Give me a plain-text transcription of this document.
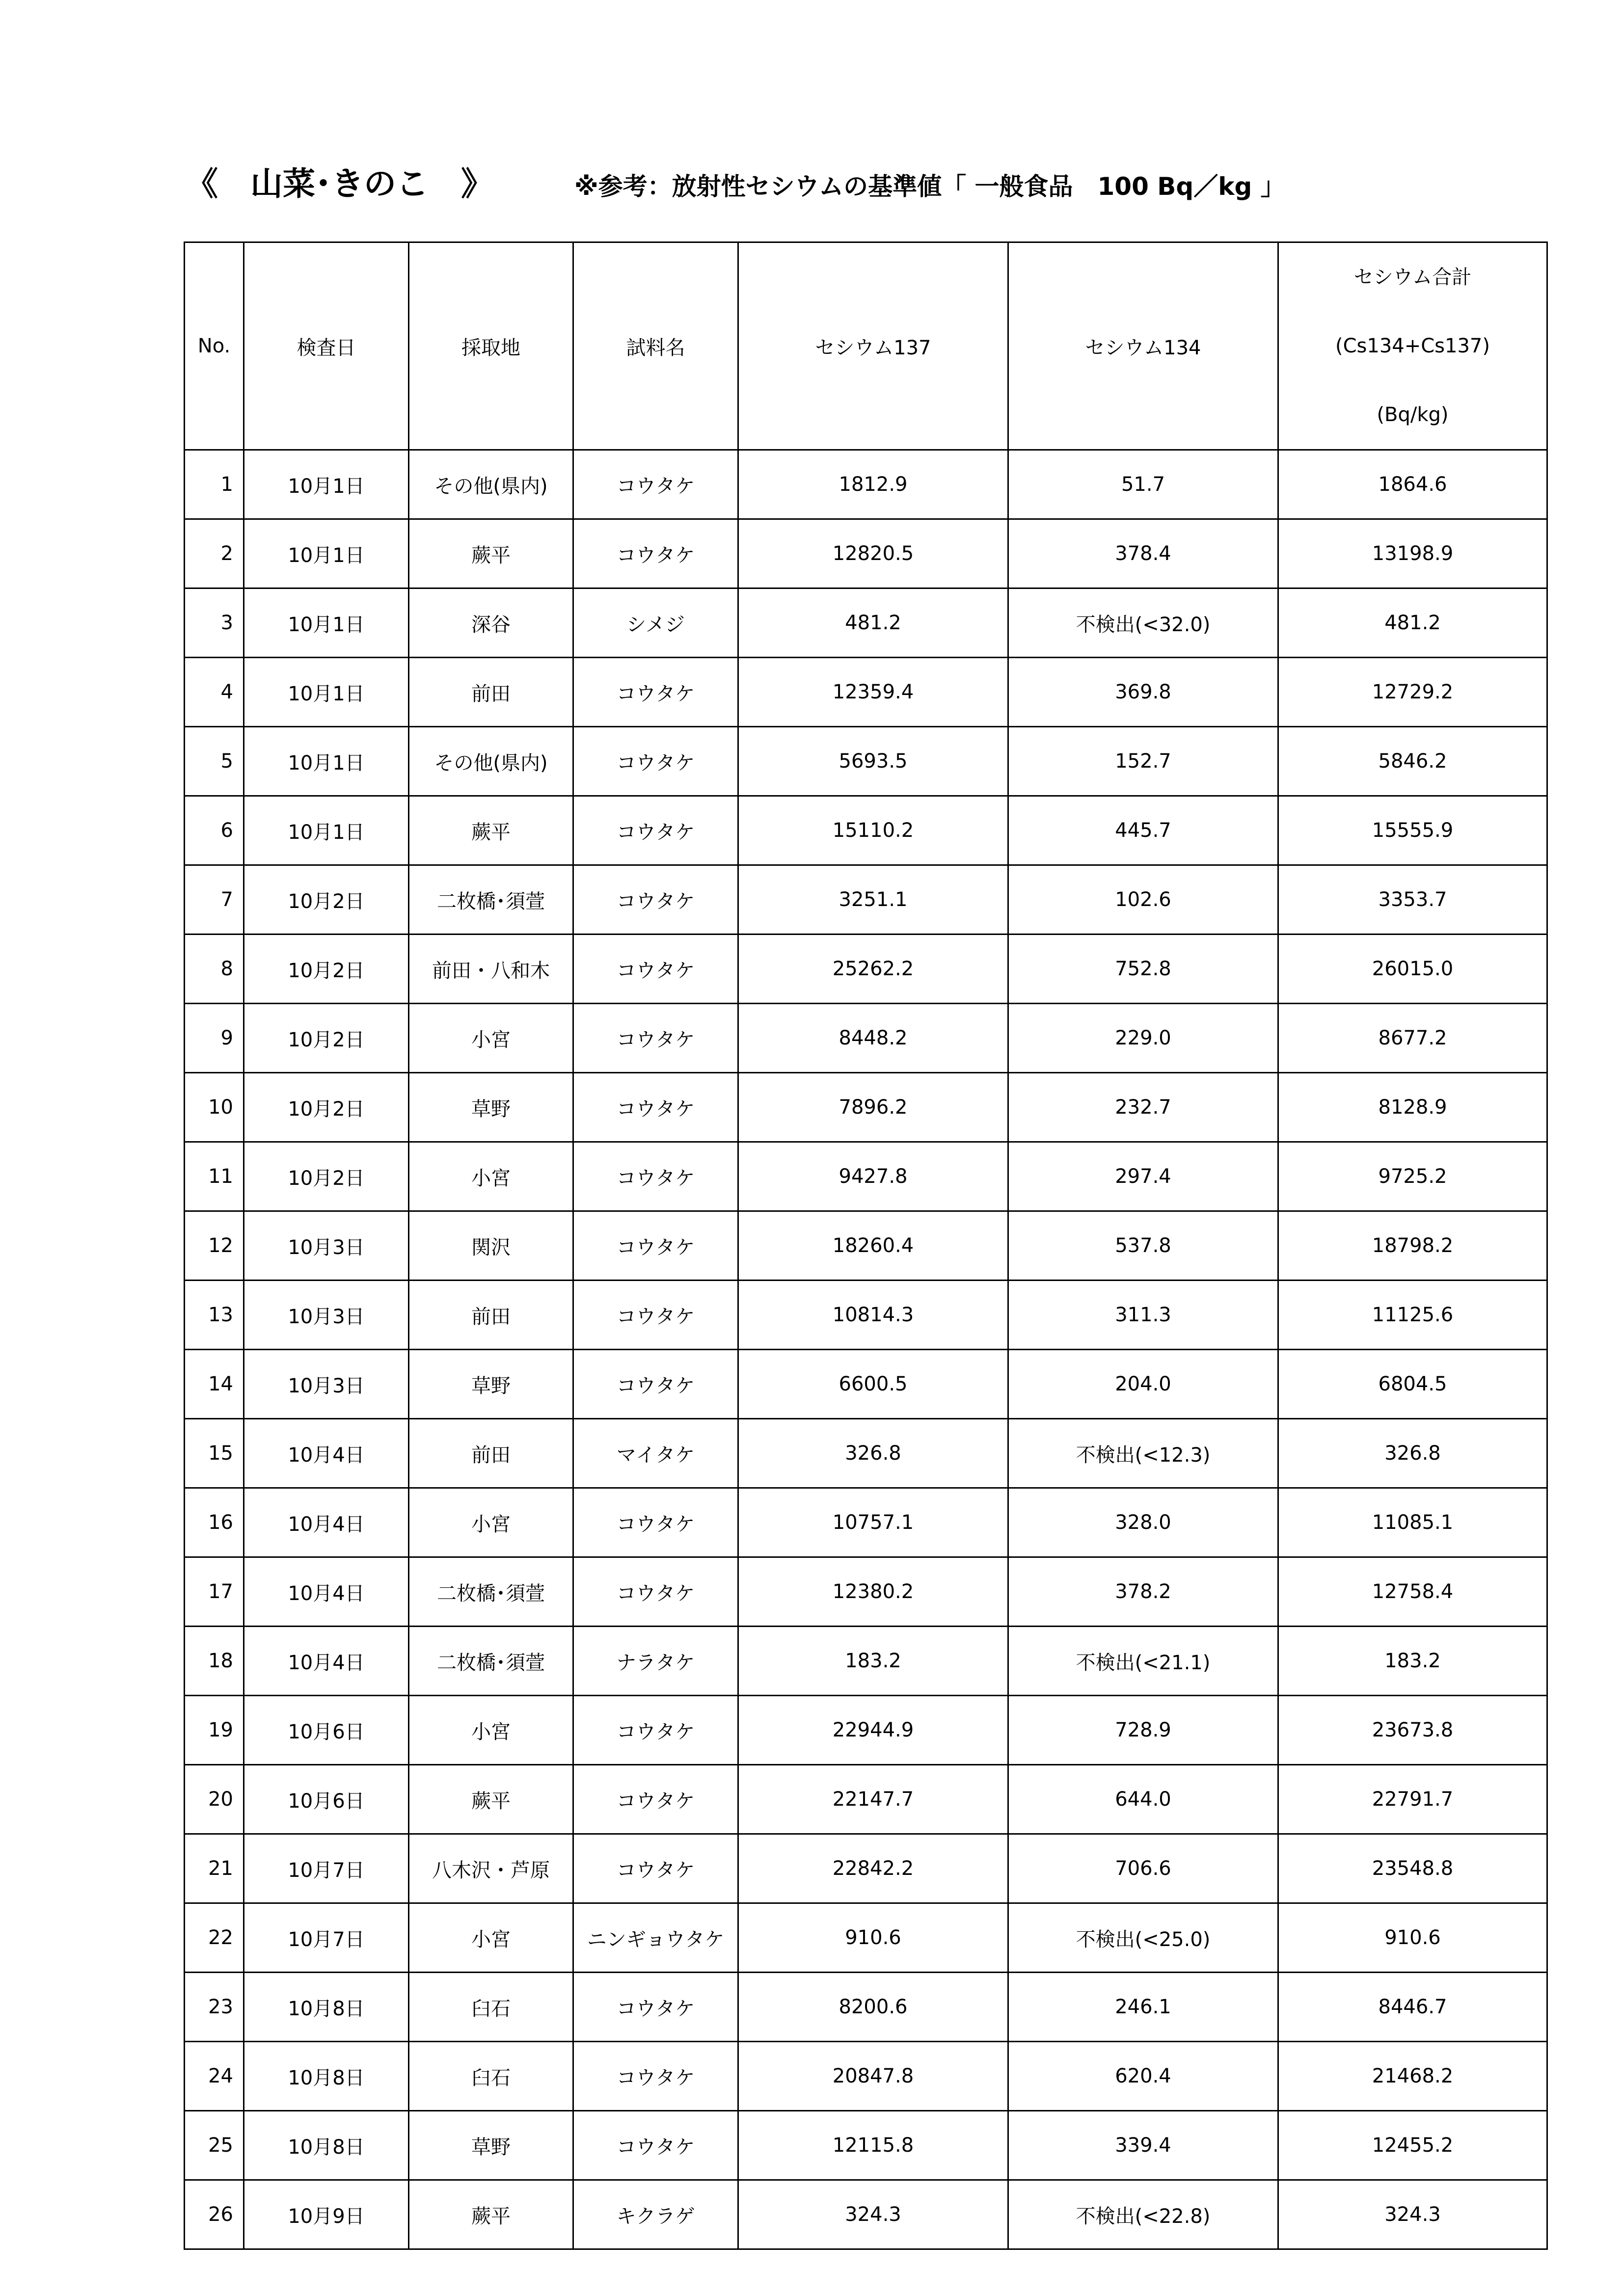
《　山菜･きのこ　》	※参考：放射性セシウムの基準値「 一般食品　100 Bq／kg 」
No.	検査日	採取地	試料名	セシウム137	セシウム134	セシウム合計
(Cs134+Cs137)
(Bq/kg)

1	10月1日	その他(県内)	コウタケ	1812.9	51.7	1864.6
2	10月1日	蕨平	コウタケ	12820.5	378.4	13198.9
3	10月1日	深谷	シメジ	481.2	不検出(<32.0)	481.2
4	10月1日	前田	コウタケ	12359.4	369.8	12729.2
5	10月1日	その他(県内)	コウタケ	5693.5	152.7	5846.2
6	10月1日	蕨平	コウタケ	15110.2	445.7	15555.9
7	10月2日	二枚橋･須萱	コウタケ	3251.1	102.6	3353.7
8	10月2日	前田・八和木	コウタケ	25262.2	752.8	26015.0
9	10月2日	小宮	コウタケ	8448.2	229.0	8677.2
10	10月2日	草野	コウタケ	7896.2	232.7	8128.9
11	10月2日	小宮	コウタケ	9427.8	297.4	9725.2
12	10月3日	関沢	コウタケ	18260.4	537.8	18798.2
13	10月3日	前田	コウタケ	10814.3	311.3	11125.6
14	10月3日	草野	コウタケ	6600.5	204.0	6804.5
15	10月4日	前田	マイタケ	326.8	不検出(<12.3)	326.8
16	10月4日	小宮	コウタケ	10757.1	328.0	11085.1
17	10月4日	二枚橋･須萱	コウタケ	12380.2	378.2	12758.4
18	10月4日	二枚橋･須萱	ナラタケ	183.2	不検出(<21.1)	183.2
19	10月6日	小宮	コウタケ	22944.9	728.9	23673.8
20	10月6日	蕨平	コウタケ	22147.7	644.0	22791.7
21	10月7日	八木沢・芦原	コウタケ	22842.2	706.6	23548.8
22	10月7日	小宮	ニンギョウタケ	910.6	不検出(<25.0)	910.6
23	10月8日	臼石	コウタケ	8200.6	246.1	8446.7
24	10月8日	臼石	コウタケ	20847.8	620.4	21468.2
25	10月8日	草野	コウタケ	12115.8	339.4	12455.2
26	10月9日	蕨平	キクラゲ	324.3	不検出(<22.8)	324.3
